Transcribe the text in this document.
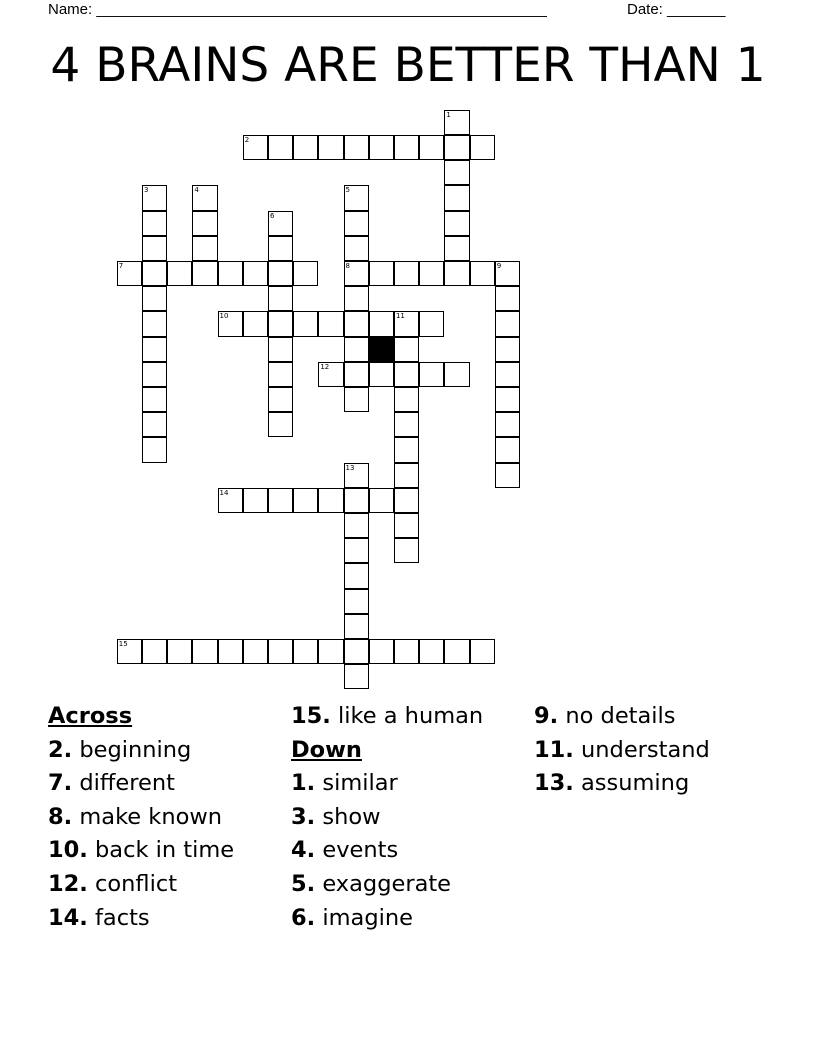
Name: ______________________________________________________	Date: _______
4 BRAINS ARE BETTER THAN 1
1
2
3	4	5
8
6
7	9
10	11
12
13
14
15
Across
2. beginning
7. different
8. make known
10. back in time
12. conflict
14. facts
15. like a human
Down
1. similar
3. show
4. events
5. exaggerate
6. imagine
9. no details
11. understand
13. assuming
